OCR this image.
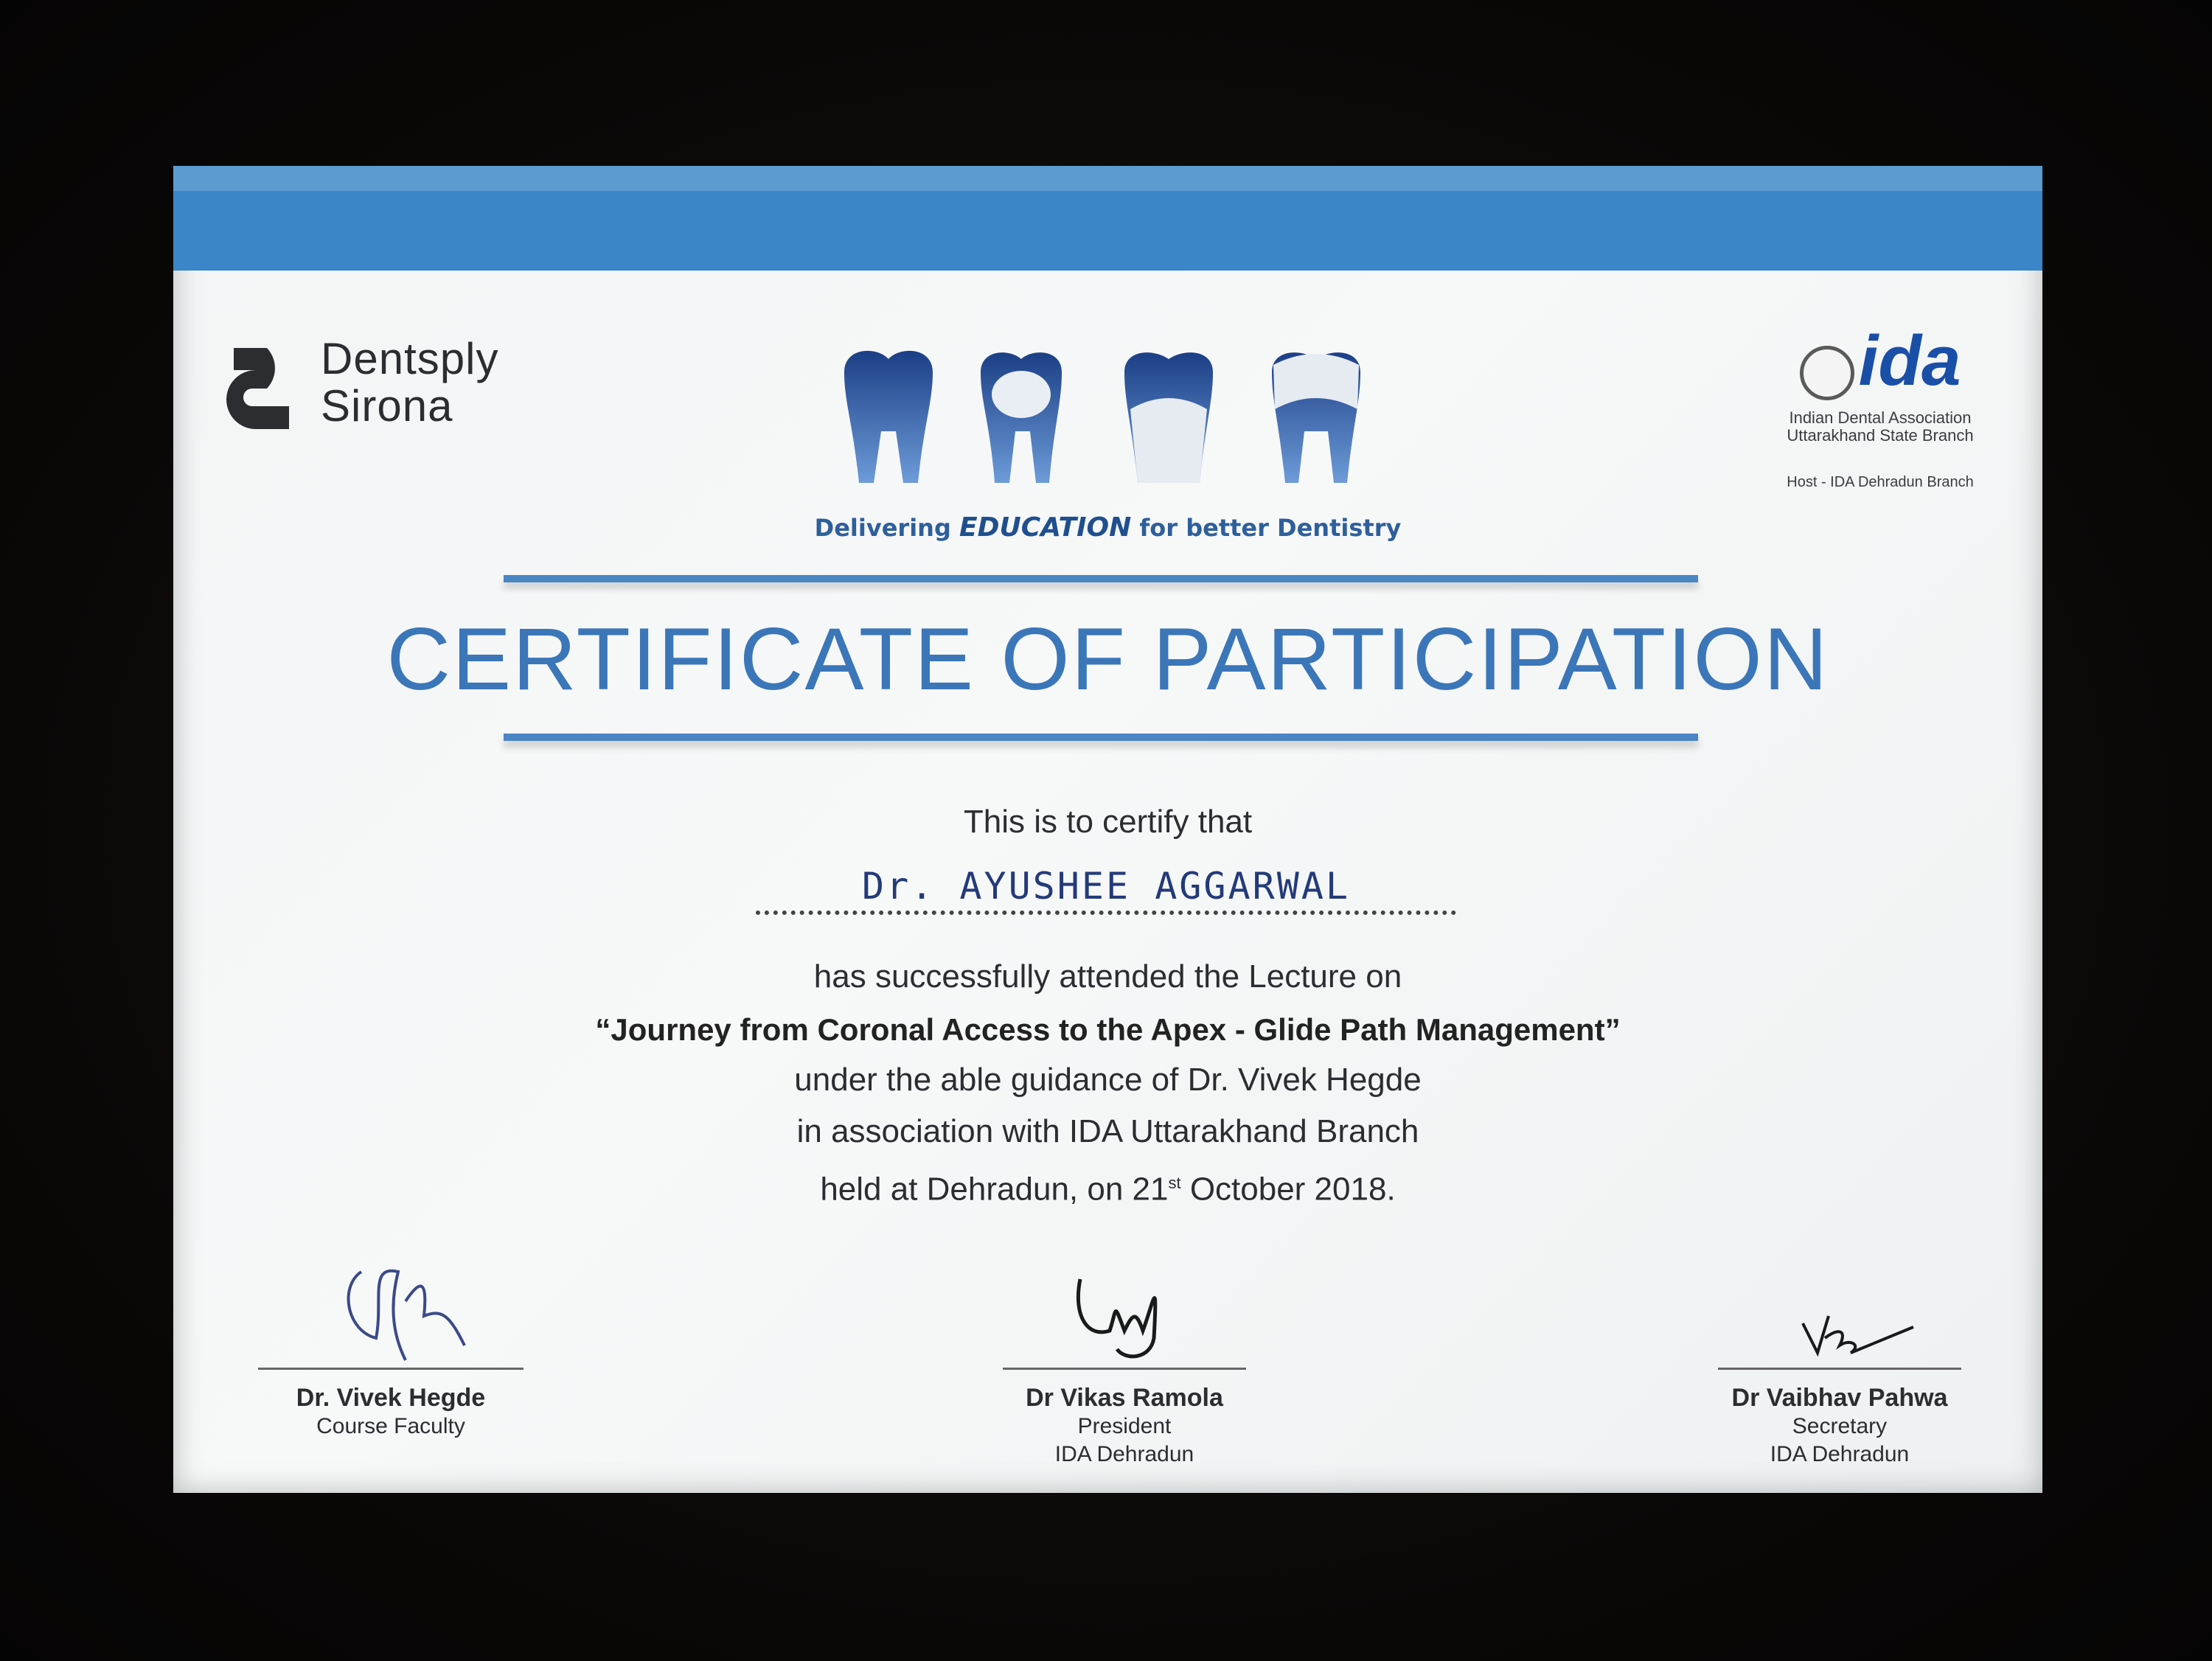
Dentsply
Sirona
Delivering EDUCATION for better Dentistry
ida
Indian Dental Association
Uttarakhand State Branch
Host - IDA Dehradun Branch
CERTIFICATE OF PARTICIPATION
This is to certify that
Dr. AYUSHEE AGGARWAL
has successfully attended the Lecture on
“Journey from Coronal Access to the Apex - Glide Path Management”
under the able guidance of Dr. Vivek Hegde
in association with IDA Uttarakhand Branch
held at Dehradun, on 21st October 2018.
Dr. Vivek Hegde
Course Faculty
Dr Vikas Ramola
President
IDA Dehradun
Dr Vaibhav Pahwa
Secretary
IDA Dehradun
